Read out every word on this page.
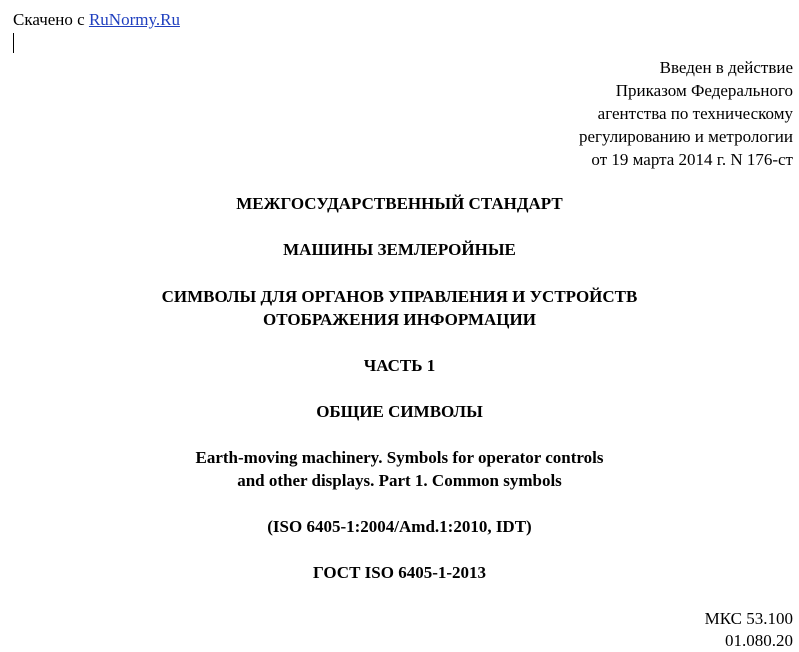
Скачено с RuNormy.Ru
Введен в действие
Приказом Федерального
агентства по техническому
регулированию и метрологии
от 19 марта 2014 г. N 176-ст
МЕЖГОСУДАРСТВЕННЫЙ СТАНДАРТ
МАШИНЫ ЗЕМЛЕРОЙНЫЕ
СИМВОЛЫ ДЛЯ ОРГАНОВ УПРАВЛЕНИЯ И УСТРОЙСТВ
ОТОБРАЖЕНИЯ ИНФОРМАЦИИ
ЧАСТЬ 1
ОБЩИЕ СИМВОЛЫ
Earth-moving machinery. Symbols for operator controls
and other displays. Part 1. Common symbols
(ISO 6405-1:2004/Amd.1:2010, IDT)
ГОСТ ISO 6405-1-2013
МКС 53.100
01.080.20
